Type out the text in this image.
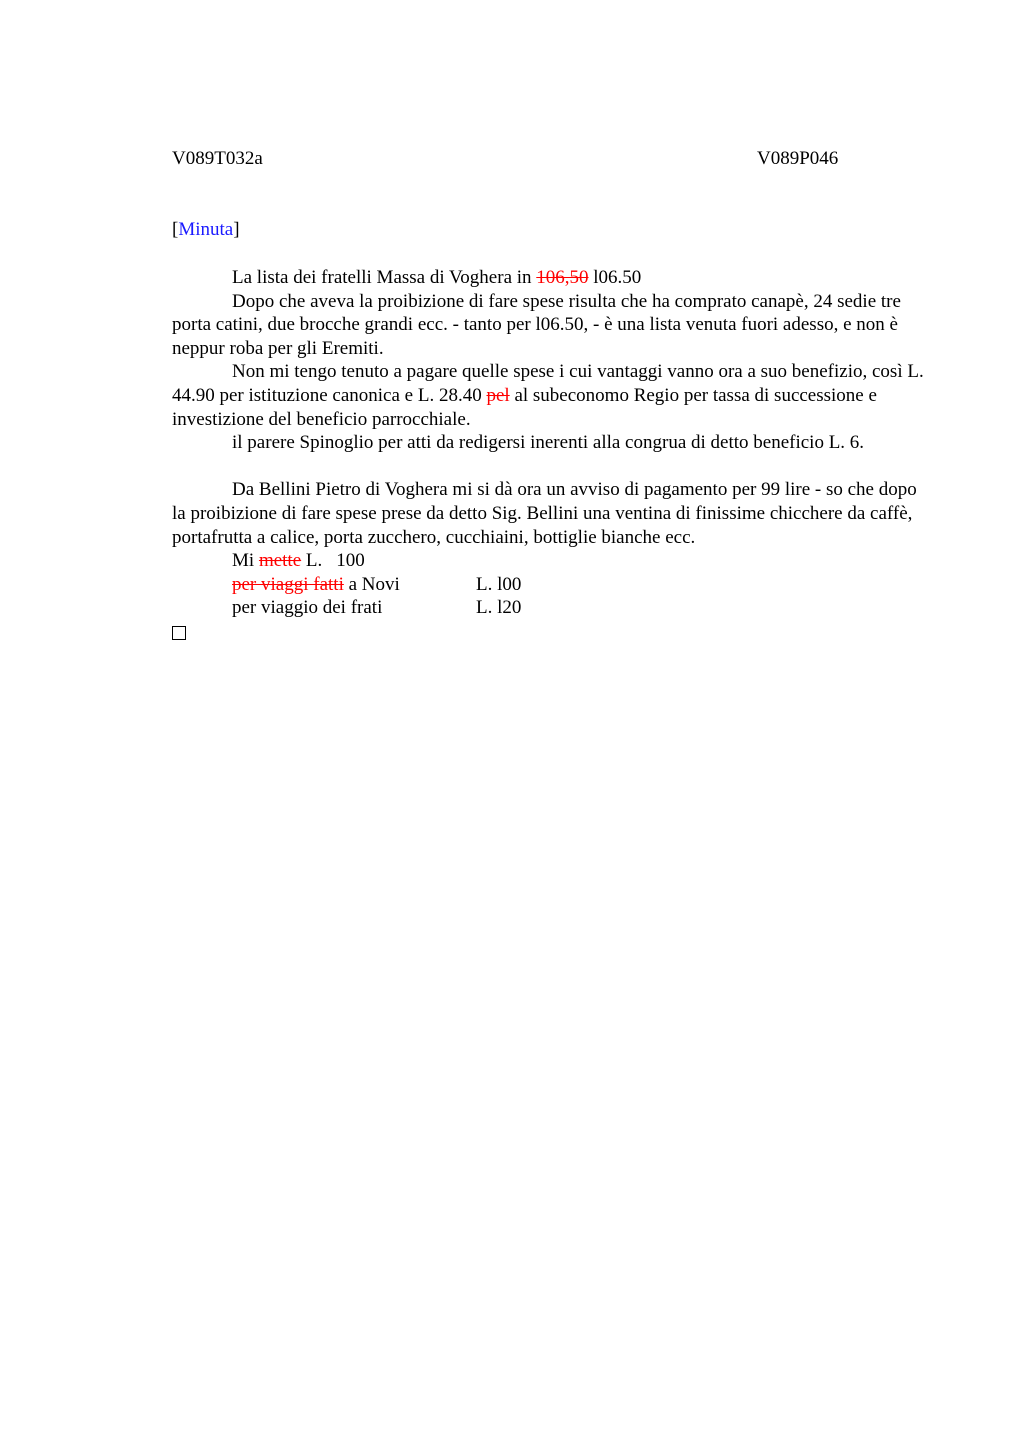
V089T032a	V089P046
[Minuta]

La lista dei fratelli Massa di Voghera in 106,50 l06.50

Dopo che aveva la proibizione di fare spese risulta che ha comprato canapè, 24 sedie tre porta catini, due brocche grandi ecc. - tanto per l06.50, - è una lista venuta fuori adesso, e non è neppur roba per gli Eremiti.

Non mi tengo tenuto a pagare quelle spese i cui vantaggi vanno ora a suo benefizio, così L. 44.90 per istituzione canonica e L. 28.40 pel al subeconomo Regio per tassa di successione e investizione del beneficio parrocchiale.

il parere Spinoglio per atti da redigersi inerenti alla congrua di detto beneficio L. 6.

Da Bellini Pietro di Voghera mi si dà ora un avviso di pagamento per 99 lire - so che dopo la proibizione di fare spese prese da detto Sig. Bellini una ventina di finissime chicchere da caffè, portafrutta a calice, porta zucchero, cucchiaini, bottiglie bianche ecc.

Mi mette L. 100
per viaggi fatti a Novi	L. l00
per viaggio dei frati	L. l20
